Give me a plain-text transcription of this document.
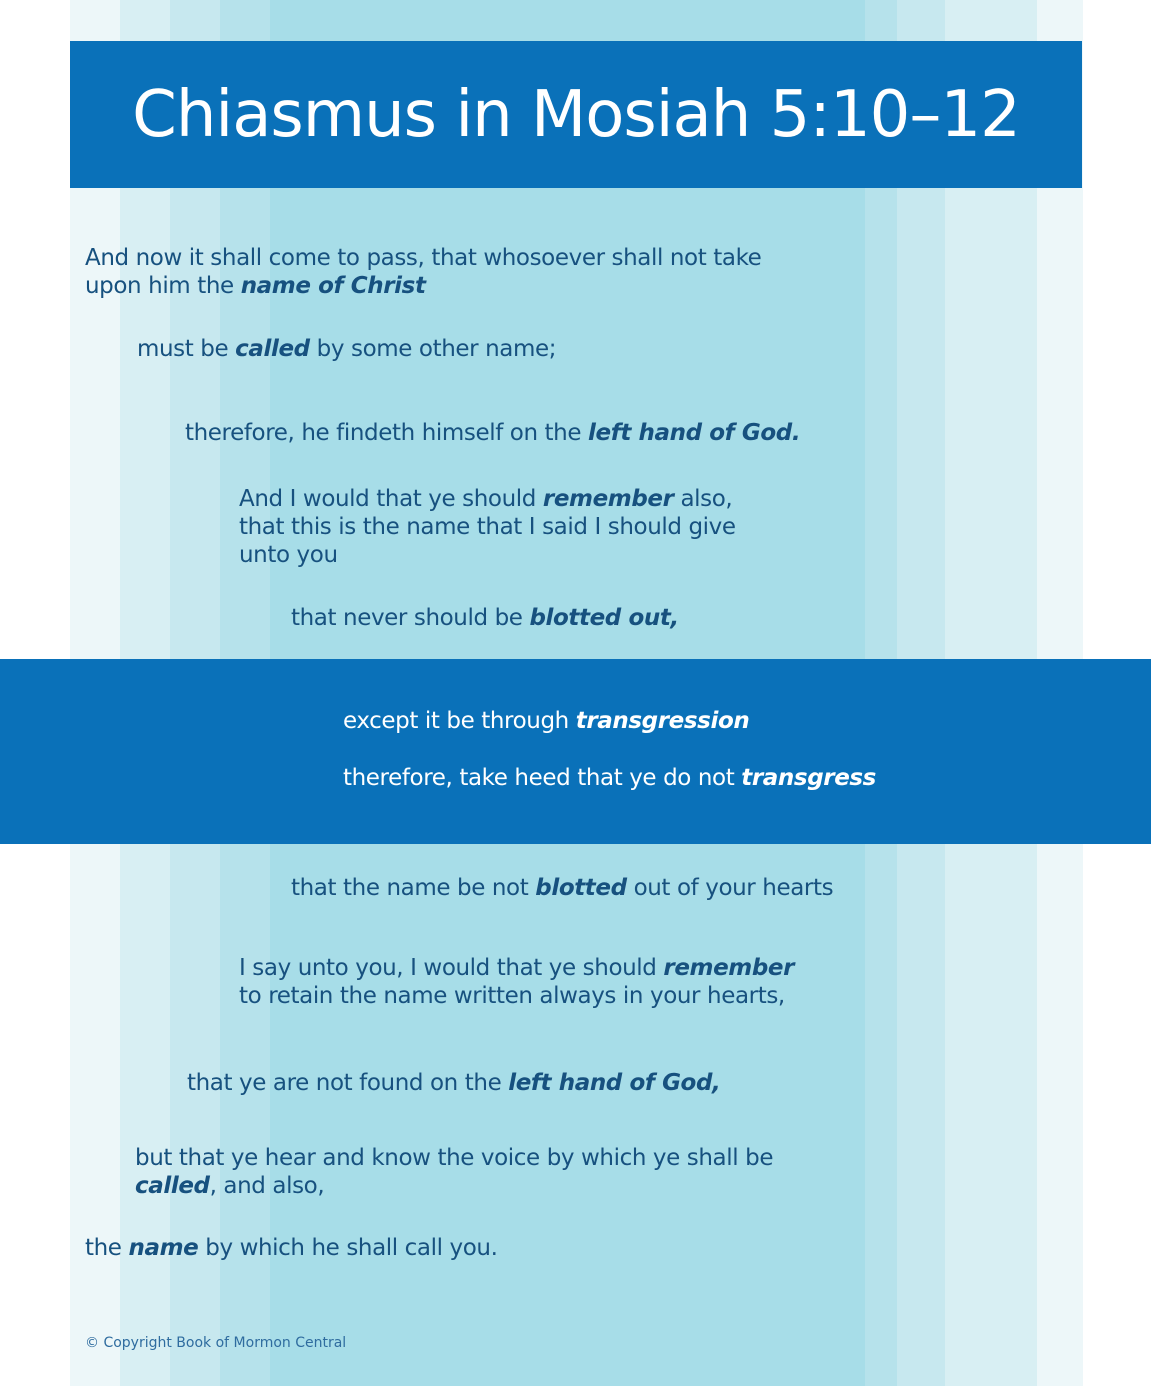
Chiasmus in Mosiah 5:10–12
And now it shall come to pass, that whosoever shall not take
upon him the name of Christ
must be called by some other name;
therefore, he findeth himself on the left hand of God.
And I would that ye should remember also,
that this is the name that I said I should give
unto you
that never should be blotted out,
except it be through transgression
therefore, take heed that ye do not transgress
that the name be not blotted out of your hearts
I say unto you, I would that ye should remember
to retain the name written always in your hearts,
that ye are not found on the left hand of God,
but that ye hear and know the voice by which ye shall be
called, and also,
the name by which he shall call you.
© Copyright Book of Mormon Central
